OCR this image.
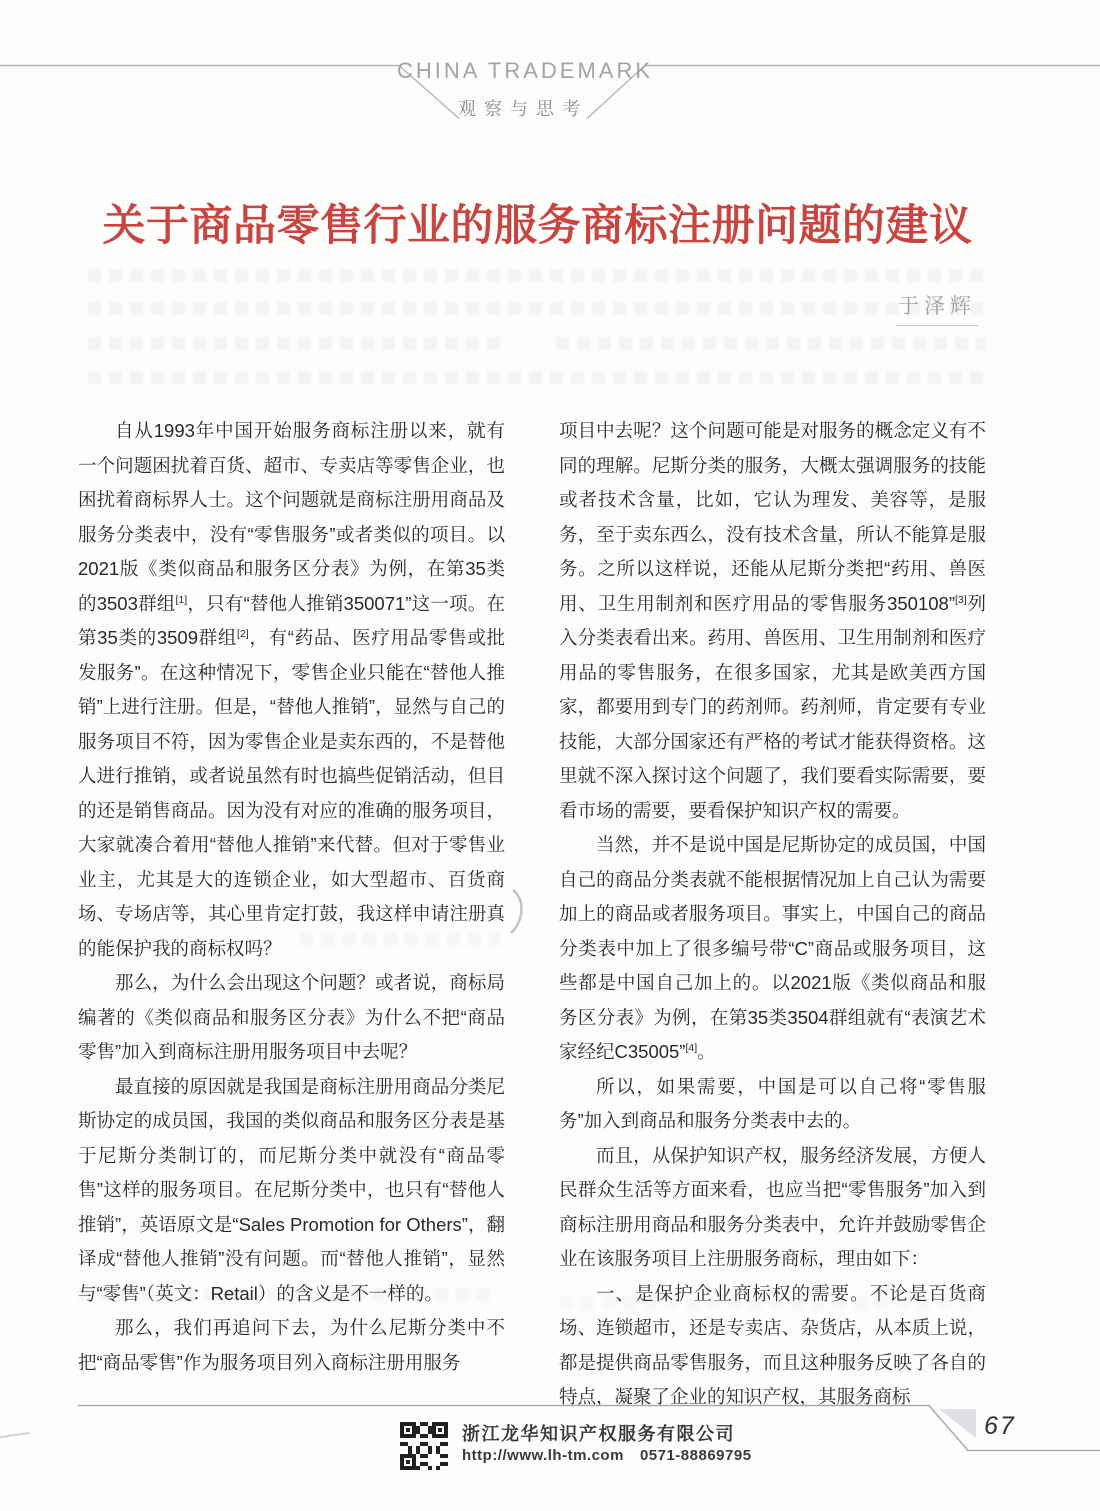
CHINA TRADEMARK
观察与思考
关于商品零售行业的服务商标注册问题的建议
于泽辉

自从1993年中国开始服务商标注册以来，就有一个问题困扰着百货、超市、专卖店等零售企业，也困扰着商标界人士。这个问题就是商标注册用商品及服务分类表中，没有“零售服务”或者类似的项目。以2021版《类似商品和服务区分表》为例，在第35类的3503群组[1]，只有“替他人推销350071”这一项。在第35类的3509群组[2]，有“药品、医疗用品零售或批发服务”。在这种情况下，零售企业只能在“替他人推销”上进行注册。但是，“替他人推销”，显然与自己的服务项目不符，因为零售企业是卖东西的，不是替他人进行推销，或者说虽然有时也搞些促销活动，但目的还是销售商品。因为没有对应的准确的服务项目，大家就凑合着用“替他人推销”来代替。但对于零售业业主，尤其是大的连锁企业，如大型超市、百货商场、专场店等，其心里肯定打鼓，我这样申请注册真的能保护我的商标权吗？

那么，为什么会出现这个问题？或者说，商标局编著的《类似商品和服务区分表》为什么不把“商品零售”加入到商标注册用服务项目中去呢？

最直接的原因就是我国是商标注册用商品分类尼斯协定的成员国，我国的类似商品和服务区分表是基于尼斯分类制订的，而尼斯分类中就没有“商品零售”这样的服务项目。在尼斯分类中，也只有“替他人推销”，英语原文是“Sales Promotion for Others”，翻译成“替他人推销”没有问题。而“替他人推销”，显然与“零售”（英文：Retail）的含义是不一样的。

那么，我们再追问下去，为什么尼斯分类中不把“商品零售”作为服务项目列入商标注册用服务

项目中去呢？这个问题可能是对服务的概念定义有不同的理解。尼斯分类的服务，大概太强调服务的技能或者技术含量，比如，它认为理发、美容等，是服务，至于卖东西么，没有技术含量，所认不能算是服务。之所以这样说，还能从尼斯分类把“药用、兽医用、卫生用制剂和医疗用品的零售服务350108”[3]列入分类表看出来。药用、兽医用、卫生用制剂和医疗用品的零售服务，在很多国家，尤其是欧美西方国家，都要用到专门的药剂师。药剂师，肯定要有专业技能，大部分国家还有严格的考试才能获得资格。这里就不深入探讨这个问题了，我们要看实际需要，要看市场的需要，要看保护知识产权的需要。

当然，并不是说中国是尼斯协定的成员国，中国自己的商品分类表就不能根据情况加上自己认为需要加上的商品或者服务项目。事实上，中国自己的商品分类表中加上了很多编号带“C”商品或服务项目，这些都是中国自己加上的。以2021版《类似商品和服务区分表》为例，在第35类3504群组就有“表演艺术家经纪C35005”[4]。

所以，如果需要，中国是可以自己将“零售服务”加入到商品和服务分类表中去的。

而且，从保护知识产权，服务经济发展，方便人民群众生活等方面来看，也应当把“零售服务”加入到商标注册用商品和服务分类表中，允许并鼓励零售企业在该服务项目上注册服务商标，理由如下：

一、是保护企业商标权的需要。不论是百货商场、连锁超市，还是专卖店、杂货店，从本质上说，都是提供商品零售服务，而且这种服务反映了各自的特点，凝聚了企业的知识产权，其服务商标

浙江龙华知识产权服务有限公司
http://www.lh-tm.com 0571-88869795
67
